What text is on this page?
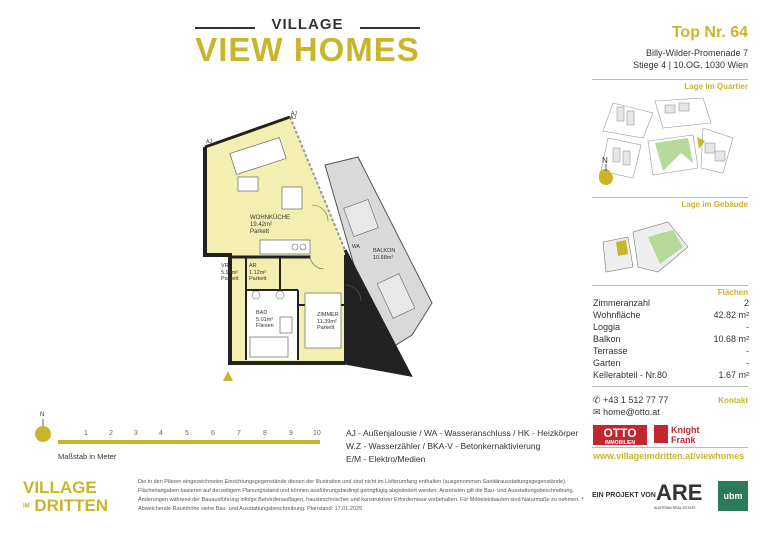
VILLAGE
VIEW HOMES	Top Nr. 64
Billy-Wilder-Promenade 7
Stiege 4 | 10.OG, 1030 Wien
Lage im Quartier
N
Lage im Gebäude
Flächen
Zimmeranzahl	2
Wohnfläche	42.82 m²
Loggia	-
Balkon	10.68 m²
Terrasse	-
Garten	-
Kellerabteil - Nr.80	1.67 m²
Kontakt
✆ +43 1 512 77 77
✉ home@otto.at
OTTO
IMMOBILIEN
Knight
Frank
www.villageimdritten.at/viewhomes
AJ
AJ
WOHNKÜCHE
19.42m²
Parkett
VR
5.94m²
Parkett
AR
1.12m²
Parkett
BAD
5.01m²
Fliesen
ZIMMER
11.39m²
Parkett
BALKON
10.68m²
AJ
WA
N
1	2	3	4	5	6	7	8	9	10
Maßstab in Meter
AJ - Außenjalousie / WA - Wasseranschluss / HK - Heizkörper
W.Z - Wasserzähler / BKA-V - Betonkernaktivierung
E/M - Elektro/Medien
VILLAGE
IM DRITTEN
Die in den Plänen eingezeichneten Einrichtungsgegenstände dienen der Illustration und sind nicht im Lieferumfang enthalten (ausgenommen Sanitärausstattungsgegenstände). Flächenangaben basieren auf derzeitigem Planungsstand und können ausführungsbedingt geringfügig abgeändert werden. Ansonsten gilt die Bau- und Ausstattungsbeschreibung. Änderungen während der Bauausführung infolge Behördenauflagen, hausteschnischer und konstruktiver Erfordernisse vorbehalten. Für Möbeleinbauten sind Naturmaße zu nehmen. * Abweichende Raumhöhe siehe Bau- und Ausstattungsbeschreibung. Planstand: 17.01.2025
EIN PROJEKT VON ARE
AUSTRIAN REAL ESTATE
ubm
